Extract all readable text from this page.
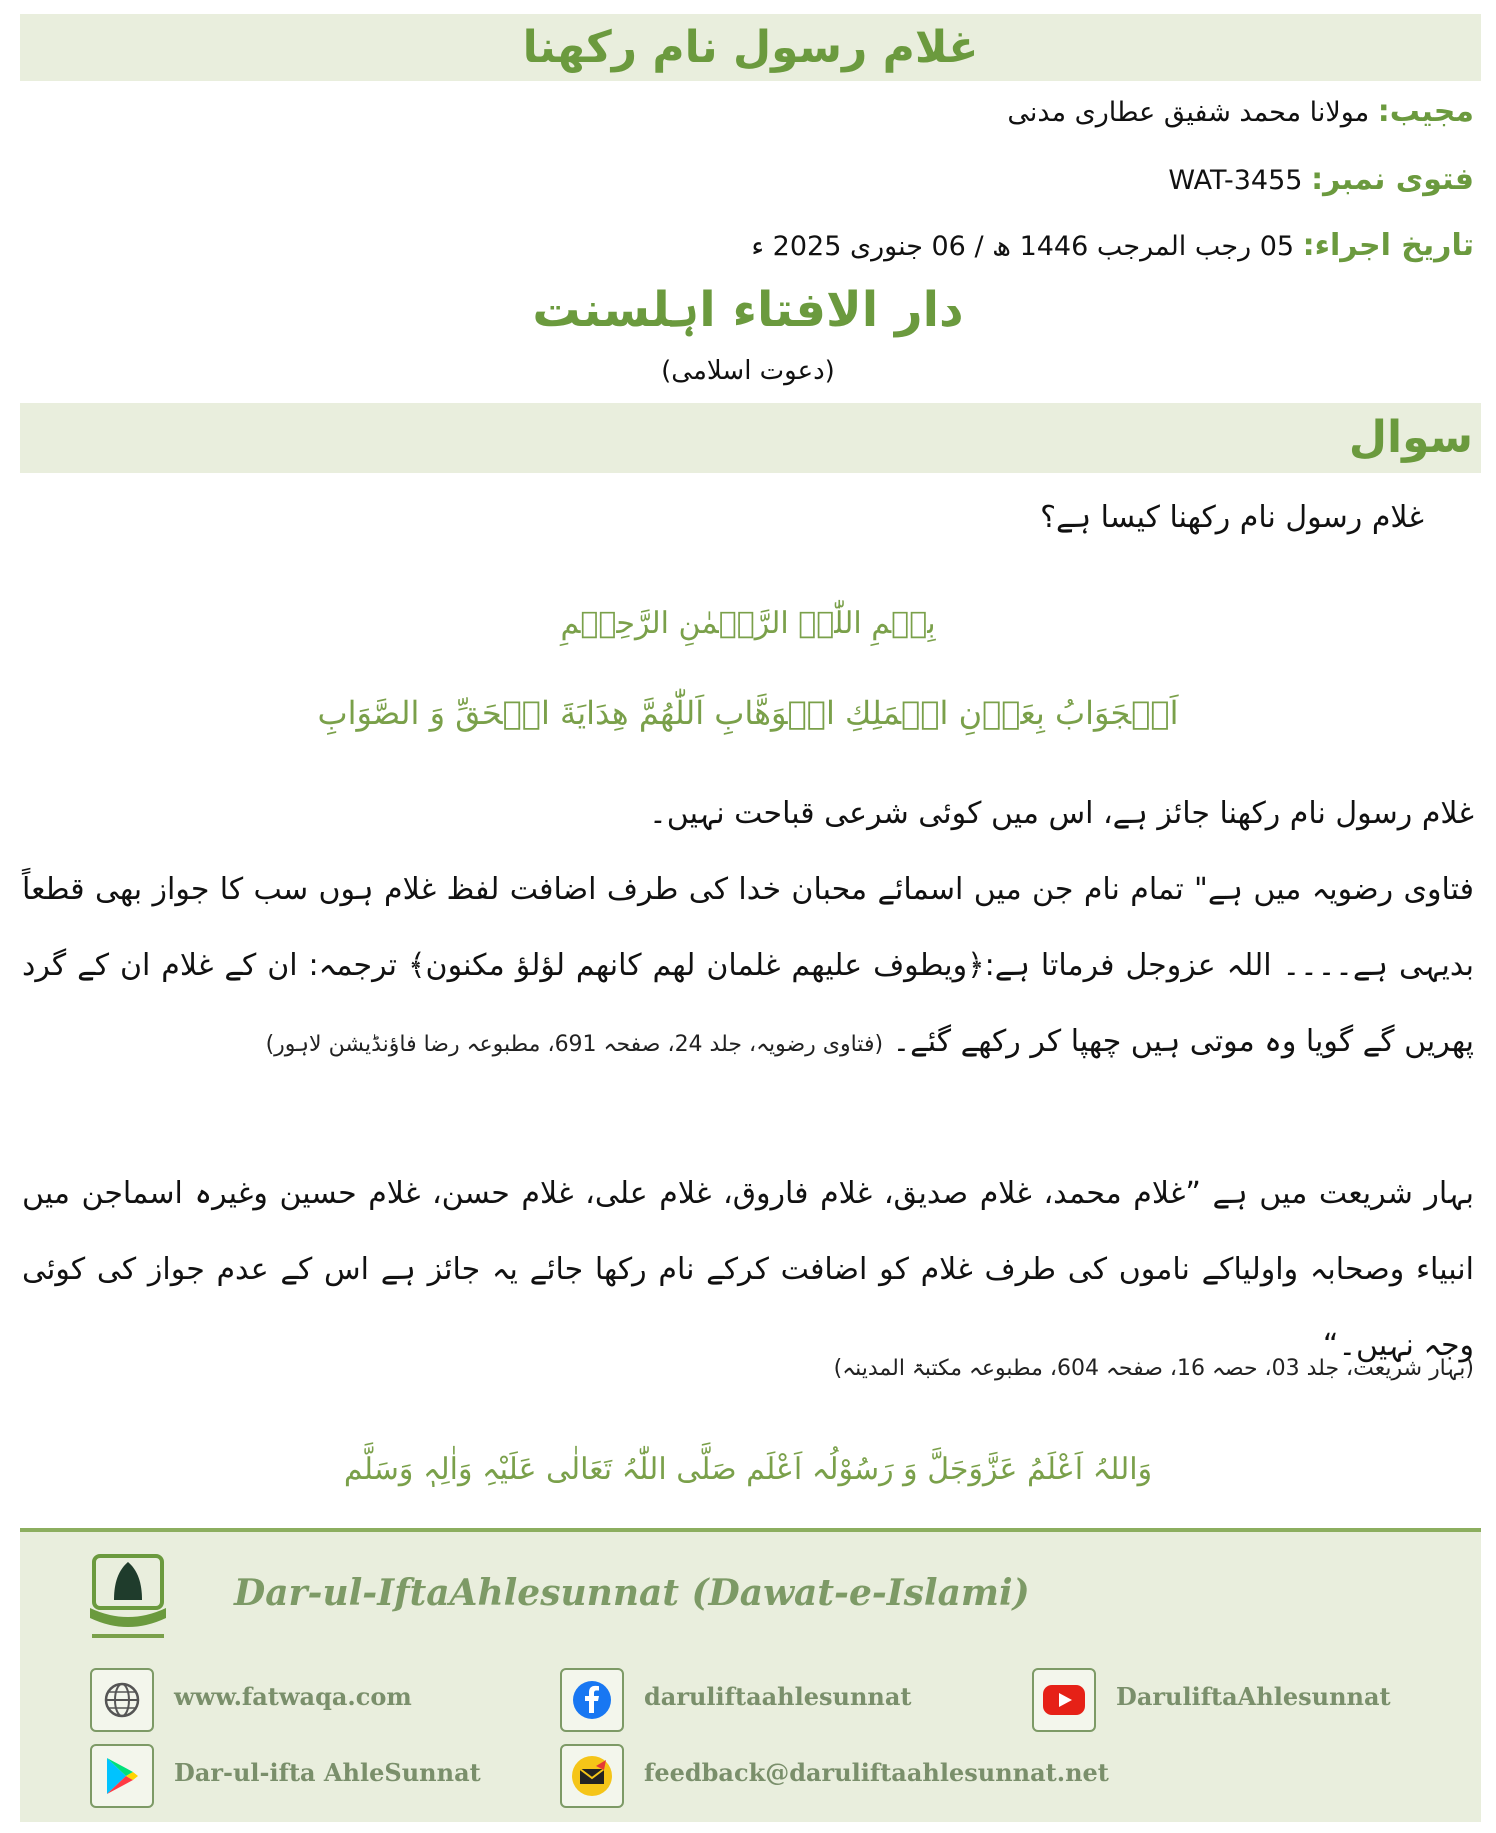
غلام رسول نام رکھنا
مجیب: مولانا محمد شفیق عطاری مدنی
فتوی نمبر: WAT-3455
تاریخ اجراء: 05 رجب المرجب 1446 ھ / 06 جنوری 2025 ء
دار الافتاء اہلسنت
(دعوت اسلامی)
سوال
غلام رسول نام رکھنا کیسا ہے؟
بِسۡمِ اللّٰہِ الرَّحۡمٰنِ الرَّحِیۡمِ
اَلۡجَوَابُ بِعَوۡنِ الۡمَلِكِ الۡوَهَّابِ اَللّٰهُمَّ هِدَايَةَ الۡحَقِّ وَ الصَّوَابِ
غلام رسول نام رکھنا جائز ہے، اس میں کوئی شرعی قباحت نہیں۔
فتاوی رضویہ میں ہے" تمام نام جن میں اسمائے محبان خدا کی طرف اضافت لفظ غلام ہوں سب کا جواز بھی قطعاً بدیہی ہے۔۔۔۔ اللہ عزوجل فرماتا ہے:﴿ویطوف علیھم غلمان لھم کانھم لؤلؤ مکنون﴾ ترجمہ: ان کے غلام ان کے گرد پھریں گے گویا وہ موتی ہیں چھپا کر رکھے گئے۔ (فتاوی رضویہ، جلد 24، صفحہ 691، مطبوعہ رضا فاؤنڈیشن لاہور)
بہار شریعت میں ہے ”غلام محمد، غلام صدیق، غلام فاروق، غلام علی، غلام حسن، غلام حسین وغیرہ اسماجن میں انبیاء وصحابہ واولیاکے ناموں کی طرف غلام کو اضافت کرکے نام رکھا جائے یہ جائز ہے اس کے عدم جواز کی کوئی وجہ نہیں۔“
(بہار شریعت، جلد 03، حصہ 16، صفحہ 604، مطبوعہ مکتبۃ المدینہ)
وَاللہُ اَعْلَمُ عَزَّوَجَلَّ وَ رَسُوْلُہ اَعْلَم صَلَّی اللّٰہُ تَعَالٰی عَلَیْہِ وَاٰلِہٖ وَسَلَّم
Dar-ul-IftaAhlesunnat (Dawat-e-Islami)
www.fatwaqa.com	daruliftaahlesunnat	DaruliftaAhlesunnat
Dar-ul-ifta AhleSunnat	feedback@daruliftaahlesunnat.net
